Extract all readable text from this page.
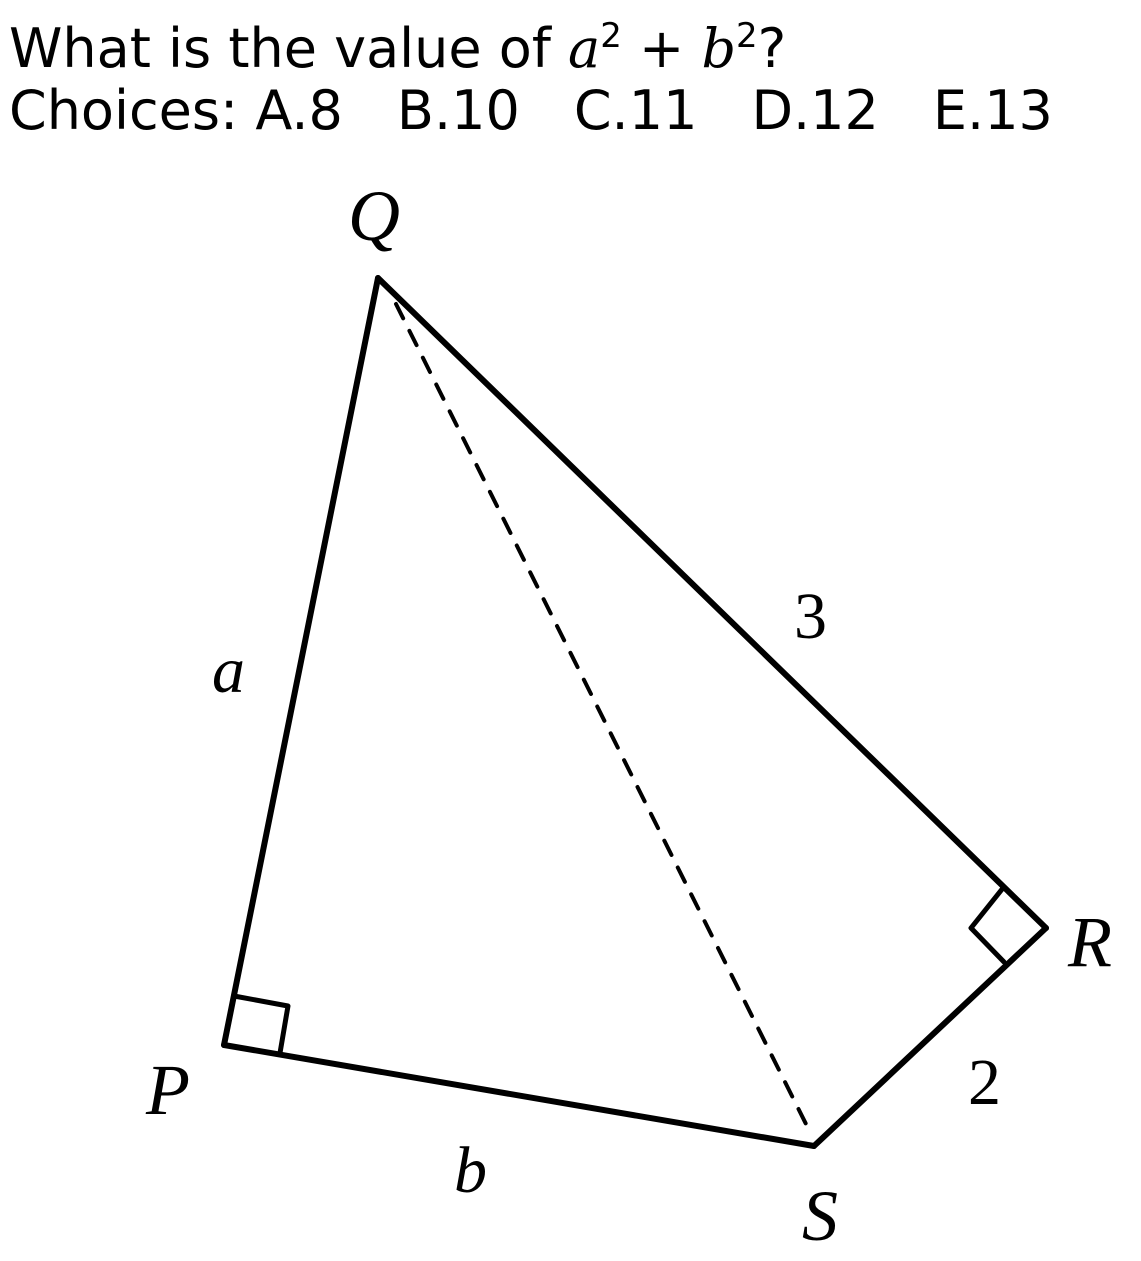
What is the value of $a^2 + b^2$?
Choices: A.8 B.10 C.11 D.12 E.13
Q
R
P
S
a
b
3
2
